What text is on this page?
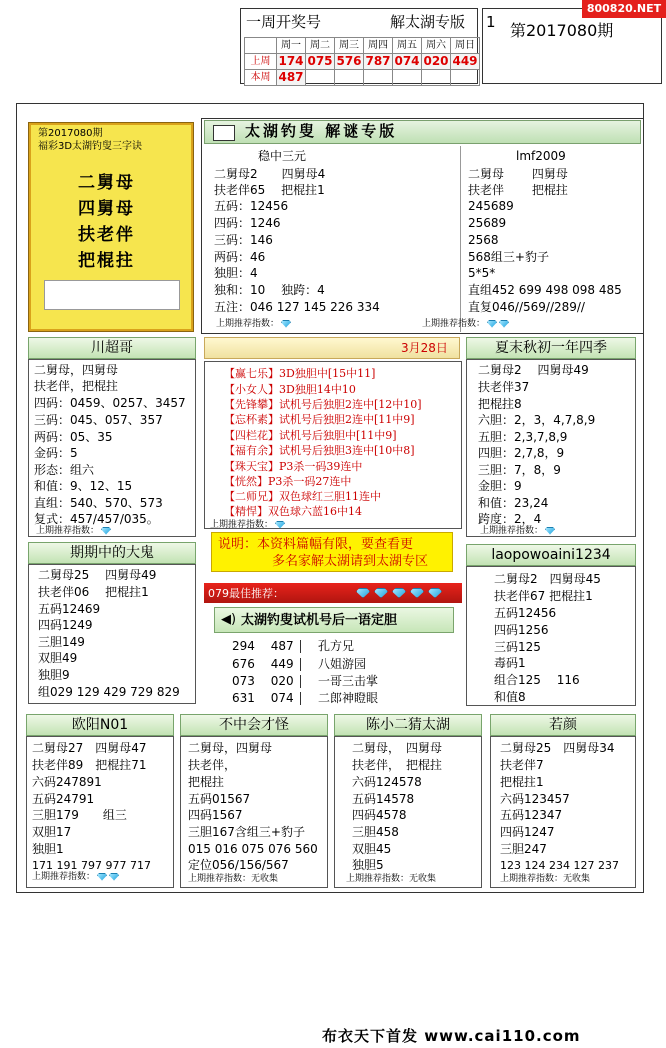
一周开奖号	解太湖专版 1 第2017080期
800820.NET
	周一	周二	周三	周四	周五	周六	周日
上周	174	075	576	787	074	020	449
本周	487						
第2017080期
福彩3D太湖钓叟三字诀
二舅母
四舅母
扶老伴
把棍拄
太湖钓叟 解谜专版
稳中三元
二舅母2　　四舅母4
扶老伴65　 把棍拄1
五码：12456
四码：1246
三码：146
两码：46
独胆：4
独和：10　 独跨：4
五注：046 127 145 226 334
上期推荐指数：
lmf2009
二舅母　　 四舅母
扶老伴　　 把棍拄
245689
25689
2568
568组三+豹子
5*5*
直组452 699 498 098 485
直复046//569//289//
上期推荐指数：
川超哥
二舅母，四舅母
扶老伴，把棍拄
四码：0459、0257、3457
三码：045、057、357
两码：05、35
金码：5
形态：组六
和值：9、12、15
直组：540、570、573
复式：457/457/035。
上期推荐指数：
3月28日
【赢七乐】3D独胆中[15中11]
【小女人】3D独胆14中10
【先锋攀】试机号后独胆2连中[12中10]
【忘杯素】试机号后独胆2连中[11中9]
【四栏花】试机号后独胆中[11中9]
【福有余】试机号后独胆3连中[10中8]
【珠天宝】P3杀一码39连中
【恍然】P3杀一码27连中
【二师兄】双色球红三胆11连中
【精悍】双色球六蓝16中14
上期推荐指数：
说明：本资料篇幅有限，要查看更
多名家解太湖请到太湖专区
079最佳推荐：
◀) 太湖钓叟试机号后一语定胆
294　 487 孔方兄
676　 449 八姐游园
073　 020 一哥三击掌
631　 074 二郎神瞪眼
夏末秋初一年四季
二舅母2　 四舅母49
扶老伴37
把棍拄8
六胆：2，3，4,7,8,9
五胆：2,3,7,8,9
四胆：2,7,8，9
三胆：7，8，9
金胆：9
和值：23,24
跨度：2，4
上期推荐指数：
期期中的大鬼
二舅母25　 四舅母49
扶老伴06　 把棍拄1
五码12469
四码1249
三胆149
双胆49
独胆9
组029 129 429 729 829
laopowoaini1234
二舅母2　四舅母45
扶老伴67 把棍拄1
五码12456
四码1256
三码125
毒码1
组合125　 116
和值8
欧阳N01
二舅母27　四舅母47
扶老伴89　把棍拄71
六码247891
五码24791
三胆179　　组三
双胆17
独胆1
171 191 797 977 717
上期推荐指数：
不中会才怪
二舅母，四舅母
扶老伴，
把棍拄
五码01567
四码1567
三胆167含组三+豹子
015 016 075 076 560
定位056/156/567
上期推荐指数：无收集
陈小二猜太湖
二舅母，　四舅母
扶老伴，　把棍拄
六码124578
五码14578
四码4578
三胆458
双胆45
独胆5
上期推荐指数：无收集
若颜
二舅母25　四舅母34
扶老伴7
把棍拄1
六码123457
五码12347
四码1247
三胆247
123 124 234 127 237
上期推荐指数：无收集
布衣天下首发 www.cai110.com
